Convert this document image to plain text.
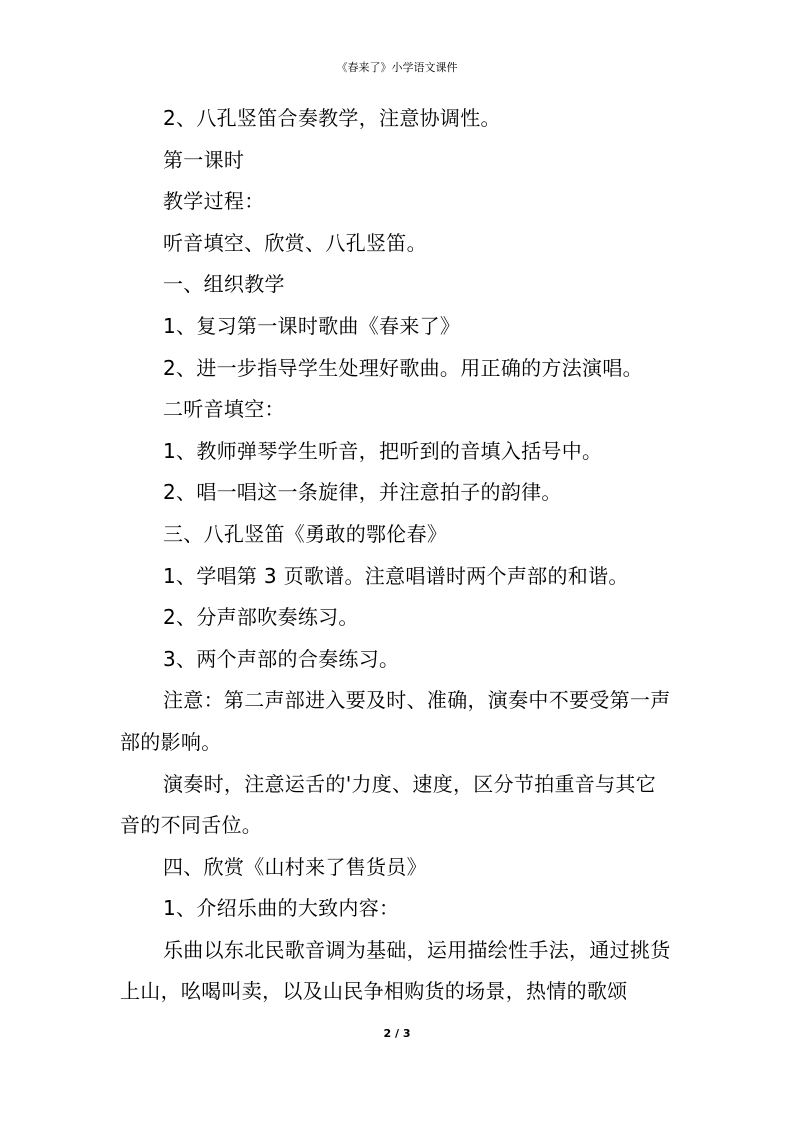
《春来了》小学语文课件

2、八孔竖笛合奏教学，注意协调性。

第一课时

教学过程：

听音填空、欣赏、八孔竖笛。

一、组织教学

1、复习第一课时歌曲《春来了》

2、进一步指导学生处理好歌曲。用正确的方法演唱。

二听音填空：

1、教师弹琴学生听音，把听到的音填入括号中。

2、唱一唱这一条旋律，并注意拍子的韵律。

三、八孔竖笛《勇敢的鄂伦春》

1、学唱第 3 页歌谱。注意唱谱时两个声部的和谐。

2、分声部吹奏练习。

3、两个声部的合奏练习。

注意：第二声部进入要及时、准确，演奏中不要受第一声部的影响。

演奏时，注意运舌的'力度、速度，区分节拍重音与其它音的不同舌位。

四、欣赏《山村来了售货员》

1、介绍乐曲的大致内容：

乐曲以东北民歌音调为基础，运用描绘性手法，通过挑货上山，吆喝叫卖，以及山民争相购货的场景，热情的歌颂

2 / 3
